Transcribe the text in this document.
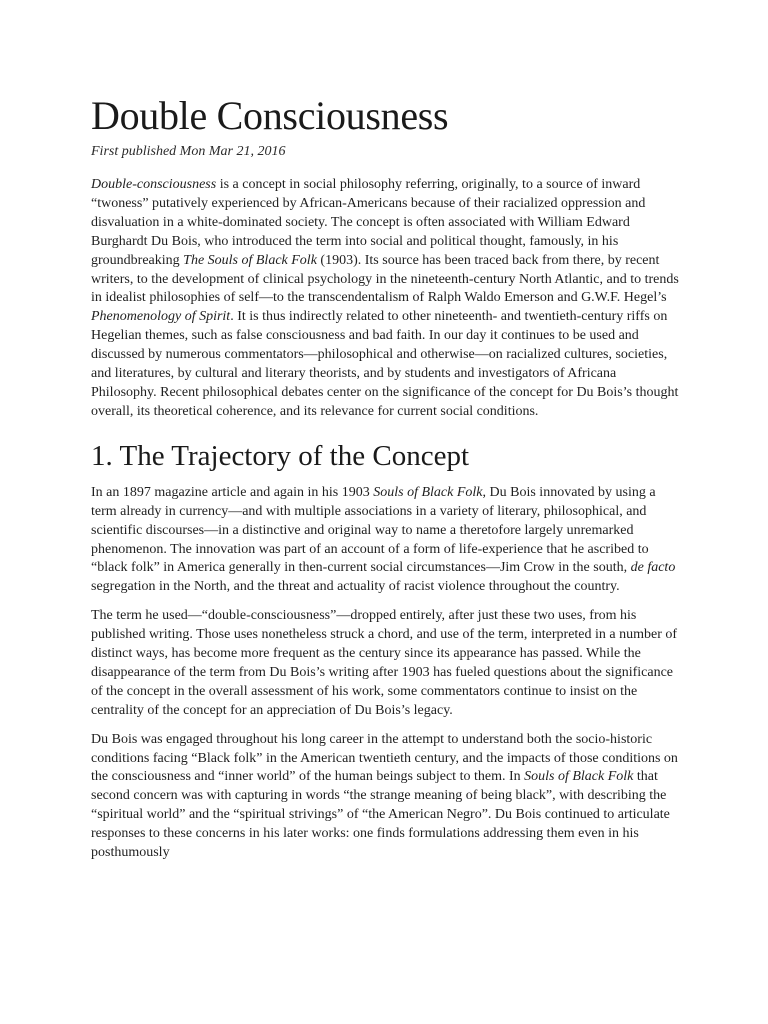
Double Consciousness
First published Mon Mar 21, 2016

Double-consciousness is a concept in social philosophy referring, originally, to a source of inward “twoness” putatively experienced by African-Americans because of their racialized oppression and disvaluation in a white-dominated society. The concept is often associated with William Edward Burghardt Du Bois, who introduced the term into social and political thought, famously, in his groundbreaking The Souls of Black Folk (1903). Its source has been traced back from there, by recent writers, to the development of clinical psychology in the nineteenth-century North Atlantic, and to trends in idealist philosophies of self—to the transcendentalism of Ralph Waldo Emerson and G.W.F. Hegel’s Phenomenology of Spirit. It is thus indirectly related to other nineteenth- and twentieth-century riffs on Hegelian themes, such as false consciousness and bad faith. In our day it continues to be used and discussed by numerous commentators—philosophical and otherwise—on racialized cultures, societies, and literatures, by cultural and literary theorists, and by students and investigators of Africana Philosophy. Recent philosophical debates center on the significance of the concept for Du Bois’s thought overall, its theoretical coherence, and its relevance for current social conditions.

1. The Trajectory of the Concept

In an 1897 magazine article and again in his 1903 Souls of Black Folk, Du Bois innovated by using a term already in currency—and with multiple associations in a variety of literary, philosophical, and scientific discourses—in a distinctive and original way to name a theretofore largely unremarked phenomenon. The innovation was part of an account of a form of life-experience that he ascribed to “black folk” in America generally in then-current social circumstances—Jim Crow in the south, de facto segregation in the North, and the threat and actuality of racist violence throughout the country.

The term he used—“double-consciousness”—dropped entirely, after just these two uses, from his published writing. Those uses nonetheless struck a chord, and use of the term, interpreted in a number of distinct ways, has become more frequent as the century since its appearance has passed. While the disappearance of the term from Du Bois’s writing after 1903 has fueled questions about the significance of the concept in the overall assessment of his work, some commentators continue to insist on the centrality of the concept for an appreciation of Du Bois’s legacy.

Du Bois was engaged throughout his long career in the attempt to understand both the socio-historic conditions facing “Black folk” in the American twentieth century, and the impacts of those conditions on the consciousness and “inner world” of the human beings subject to them. In Souls of Black Folk that second concern was with capturing in words “the strange meaning of being black”, with describing the “spiritual world” and the “spiritual strivings” of “the American Negro”. Du Bois continued to articulate responses to these concerns in his later works: one finds formulations addressing them even in his posthumously
